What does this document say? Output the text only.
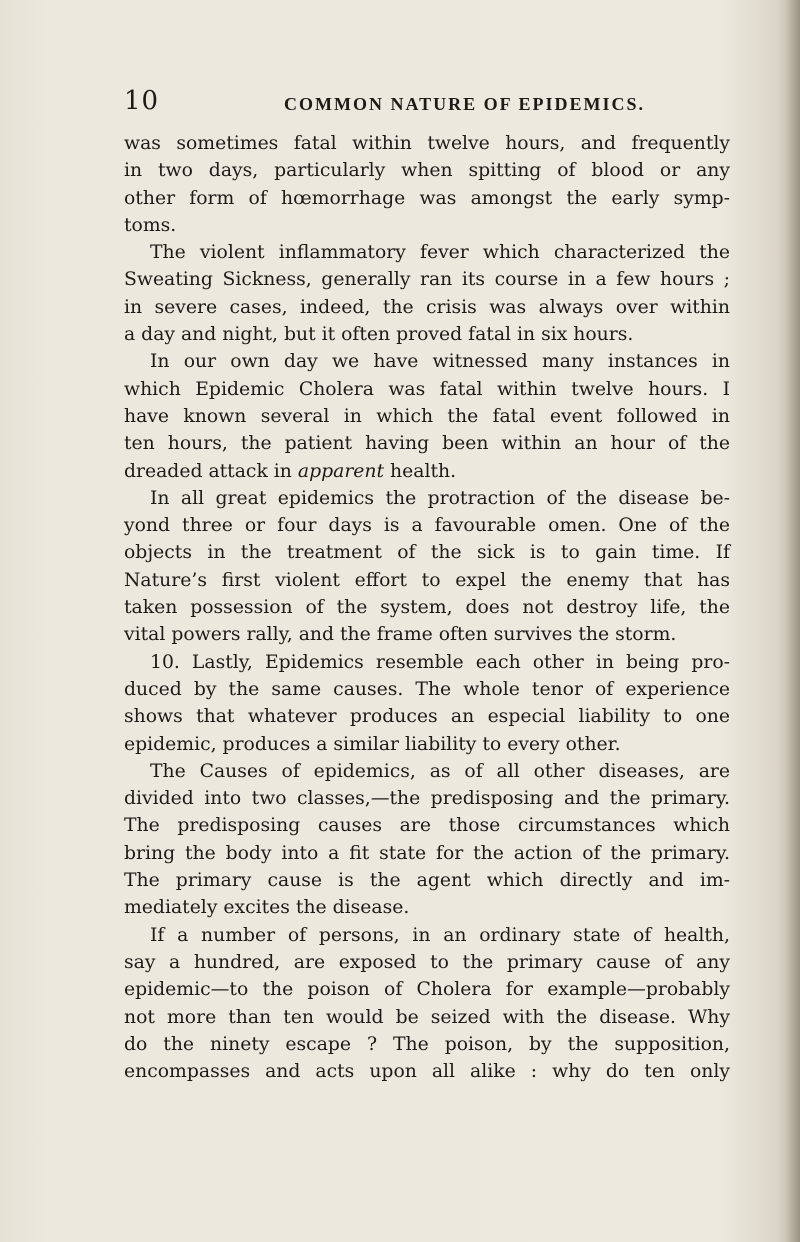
10	COMMON NATURE OF EPIDEMICS.
was sometimes fatal within twelve hours, and frequently
in two days, particularly when spitting of blood or any
other form of hœmorrhage was amongst the early symp-
toms.
The violent inflammatory fever which characterized the
Sweating Sickness, generally ran its course in a few hours ;
in severe cases, indeed, the crisis was always over within
a day and night, but it often proved fatal in six hours.
In our own day we have witnessed many instances in
which Epidemic Cholera was fatal within twelve hours. I
have known several in which the fatal event followed in
ten hours, the patient having been within an hour of the
dreaded attack in apparent health.
In all great epidemics the protraction of the disease be-
yond three or four days is a favourable omen. One of the
objects in the treatment of the sick is to gain time. If
Nature’s first violent effort to expel the enemy that has
taken possession of the system, does not destroy life, the
vital powers rally, and the frame often survives the storm.
10. Lastly, Epidemics resemble each other in being pro-
duced by the same causes. The whole tenor of experience
shows that whatever produces an especial liability to one
epidemic, produces a similar liability to every other.
The Causes of epidemics, as of all other diseases, are
divided into two classes,—the predisposing and the primary.
The predisposing causes are those circumstances which
bring the body into a fit state for the action of the primary.
The primary cause is the agent which directly and im-
mediately excites the disease.
If a number of persons, in an ordinary state of health,
say a hundred, are exposed to the primary cause of any
epidemic—to the poison of Cholera for example—probably
not more than ten would be seized with the disease. Why
do the ninety escape ? The poison, by the supposition,
encompasses and acts upon all alike : why do ten only
